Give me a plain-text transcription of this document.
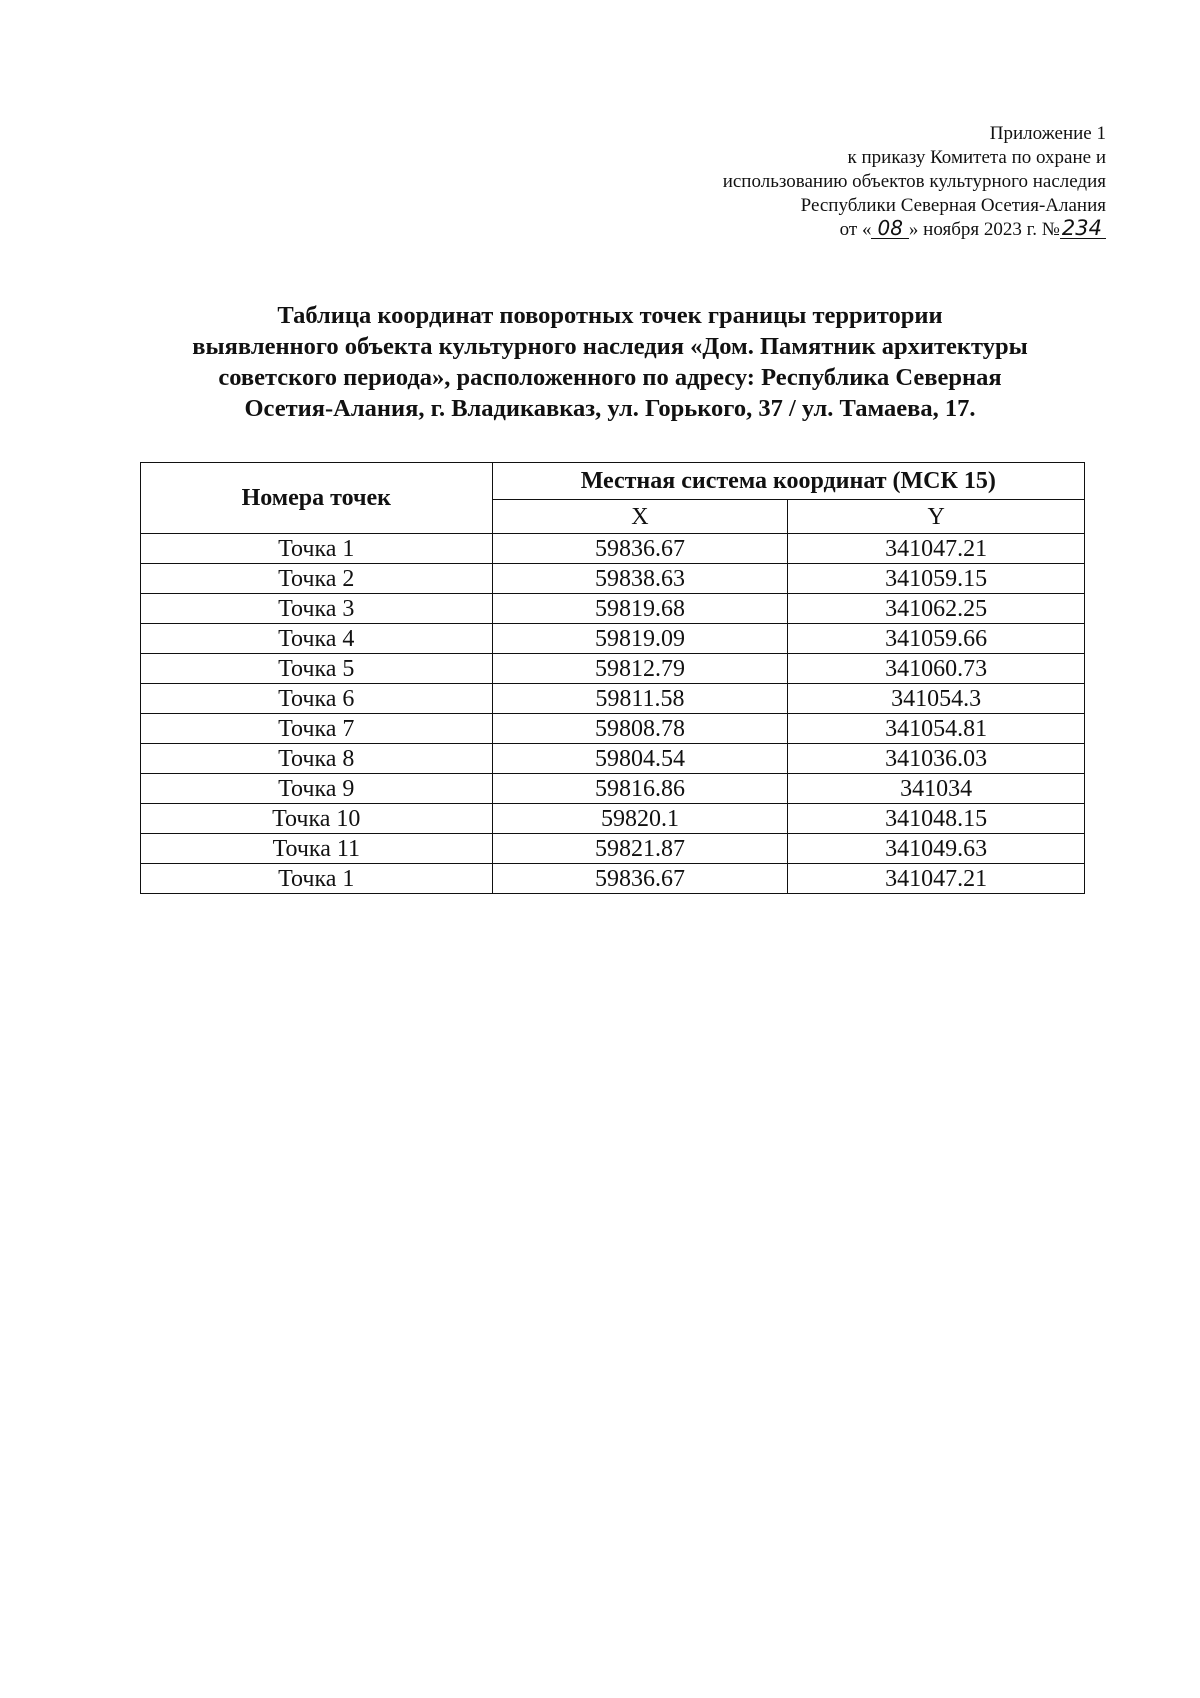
Приложение 1
к приказу Комитета по охране и
использованию объектов культурного наследия
Республики Северная Осетия-Алания
от « 08 » ноября 2023 г. №234
Таблица координат поворотных точек границы территории
выявленного объекта культурного наследия «Дом. Памятник архитектуры
советского периода», расположенного по адресу: Республика Северная
Осетия-Алания, г. Владикавказ, ул. Горького, 37 / ул. Тамаева, 17.
Номера точек	Местная система координат (МСК 15)	
	X	Y
Точка 1	59836.67	341047.21
Точка 2	59838.63	341059.15
Точка 3	59819.68	341062.25
Точка 4	59819.09	341059.66
Точка 5	59812.79	341060.73
Точка 6	59811.58	341054.3
Точка 7	59808.78	341054.81
Точка 8	59804.54	341036.03
Точка 9	59816.86	341034
Точка 10	59820.1	341048.15
Точка 11	59821.87	341049.63
Точка 1	59836.67	341047.21
